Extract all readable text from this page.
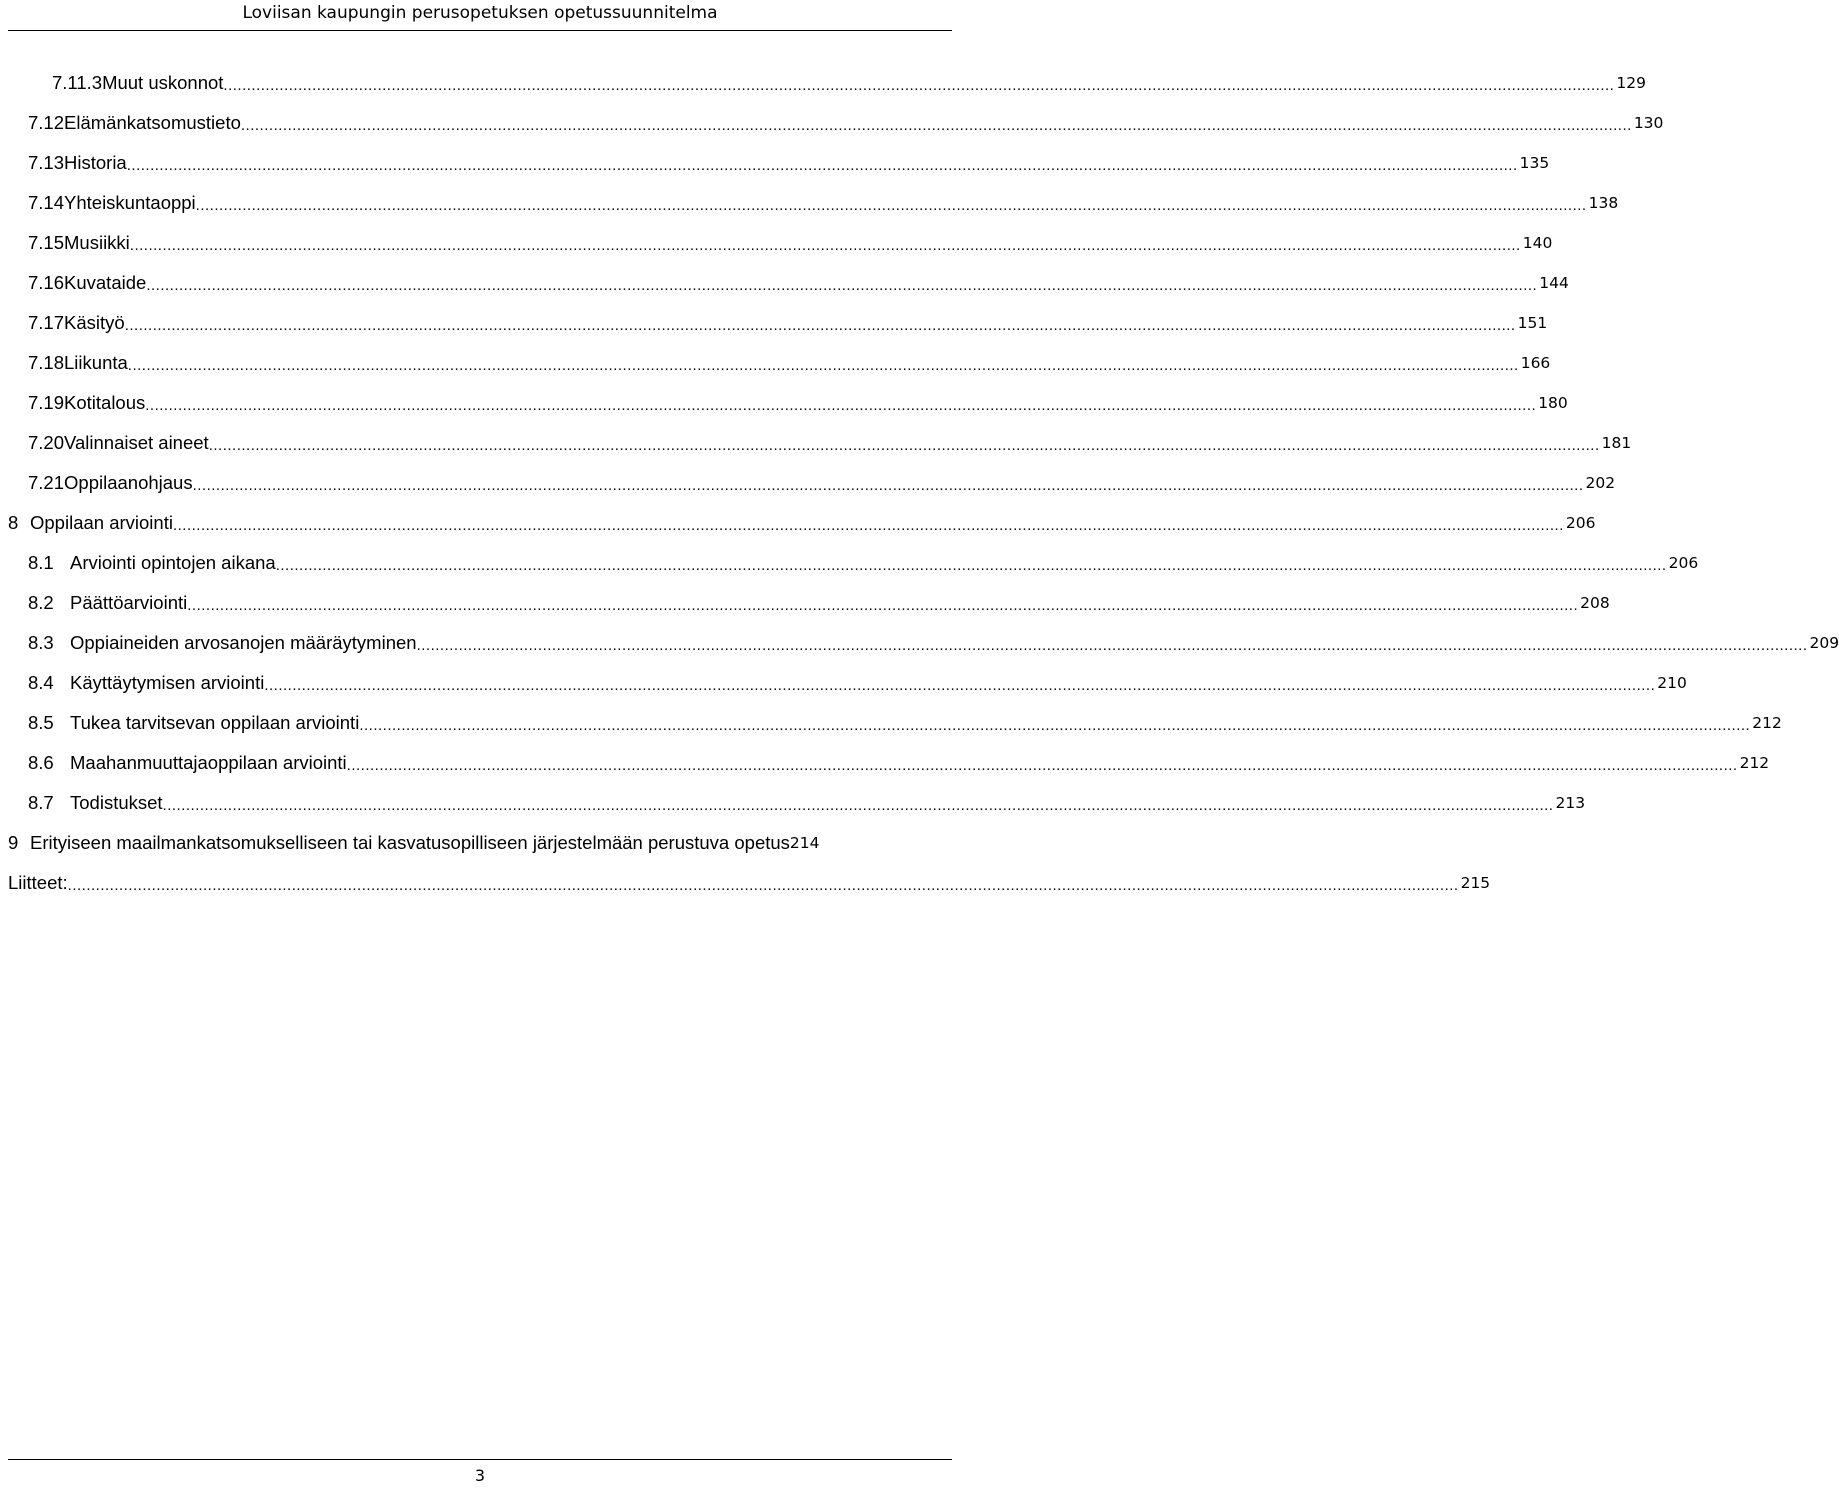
Loviisan kaupungin perusopetuksen opetussuunnitelma
7.11.3 Muut uskonnot .....	129
7.12 Elämänkatsomustieto .....	130
7.13 Historia .....	135
7.14 Yhteiskuntaoppi .....	138
7.15 Musiikki .....	140
7.16 Kuvataide .....	144
7.17 Käsityö .....	151
7.18 Liikunta .....	166
7.19 Kotitalous .....	180
7.20 Valinnaiset aineet .....	181
7.21 Oppilaanohjaus .....	202
8 Oppilaan arviointi .....	206
8.1 Arviointi opintojen aikana .....	206
8.2 Päättöarviointi .....	208
8.3 Oppiaineiden arvosanojen määräytyminen .....	209
8.4 Käyttäytymisen arviointi .....	210
8.5 Tukea tarvitsevan oppilaan arviointi .....	212
8.6 Maahanmuuttajaoppilaan arviointi .....	212
8.7 Todistukset .....	213
9 Erityiseen maailmankatsomukselliseen tai kasvatusopilliseen järjestelmään perustuva opetus 214
Liitteet: .....	215
3
